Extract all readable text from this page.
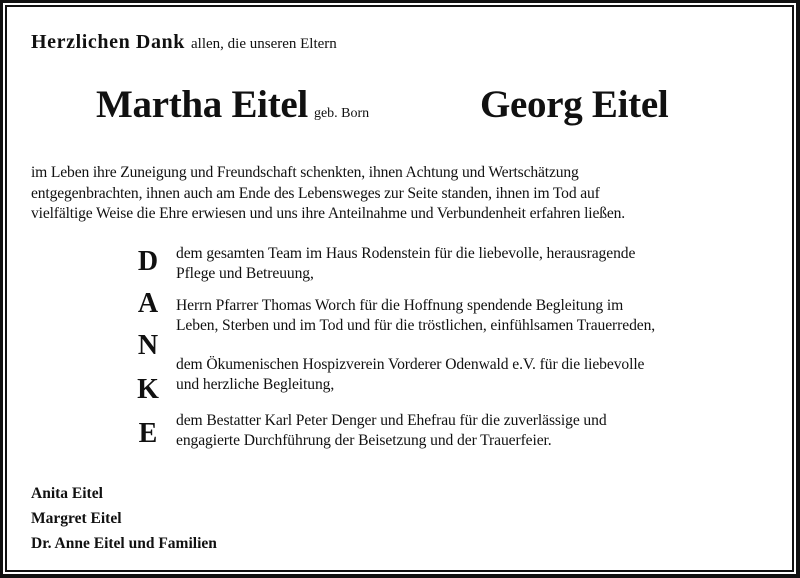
Herzlichen Dank allen, die unseren Eltern
Martha Eitel geb. Born	Georg Eitel
im Leben ihre Zuneigung und Freundschaft schenkten, ihnen Achtung und Wertschätzung
entgegenbrachten, ihnen auch am Ende des Lebensweges zur Seite standen, ihnen im Tod auf
vielfältige Weise die Ehre erwiesen und uns ihre Anteilnahme und Verbundenheit erfahren ließen.
D
A
N
K
E
dem gesamten Team im Haus Rodenstein für die liebevolle, herausragende
Pflege und Betreuung,
Herrn Pfarrer Thomas Worch für die Hoffnung spendende Begleitung im
Leben, Sterben und im Tod und für die tröstlichen, einfühlsamen Trauerreden,
dem Ökumenischen Hospizverein Vorderer Odenwald e.V. für die liebevolle
und herzliche Begleitung,
dem Bestatter Karl Peter Denger und Ehefrau für die zuverlässige und
engagierte Durchführung der Beisetzung und der Trauerfeier.
Anita Eitel
Margret Eitel
Dr. Anne Eitel und Familien
